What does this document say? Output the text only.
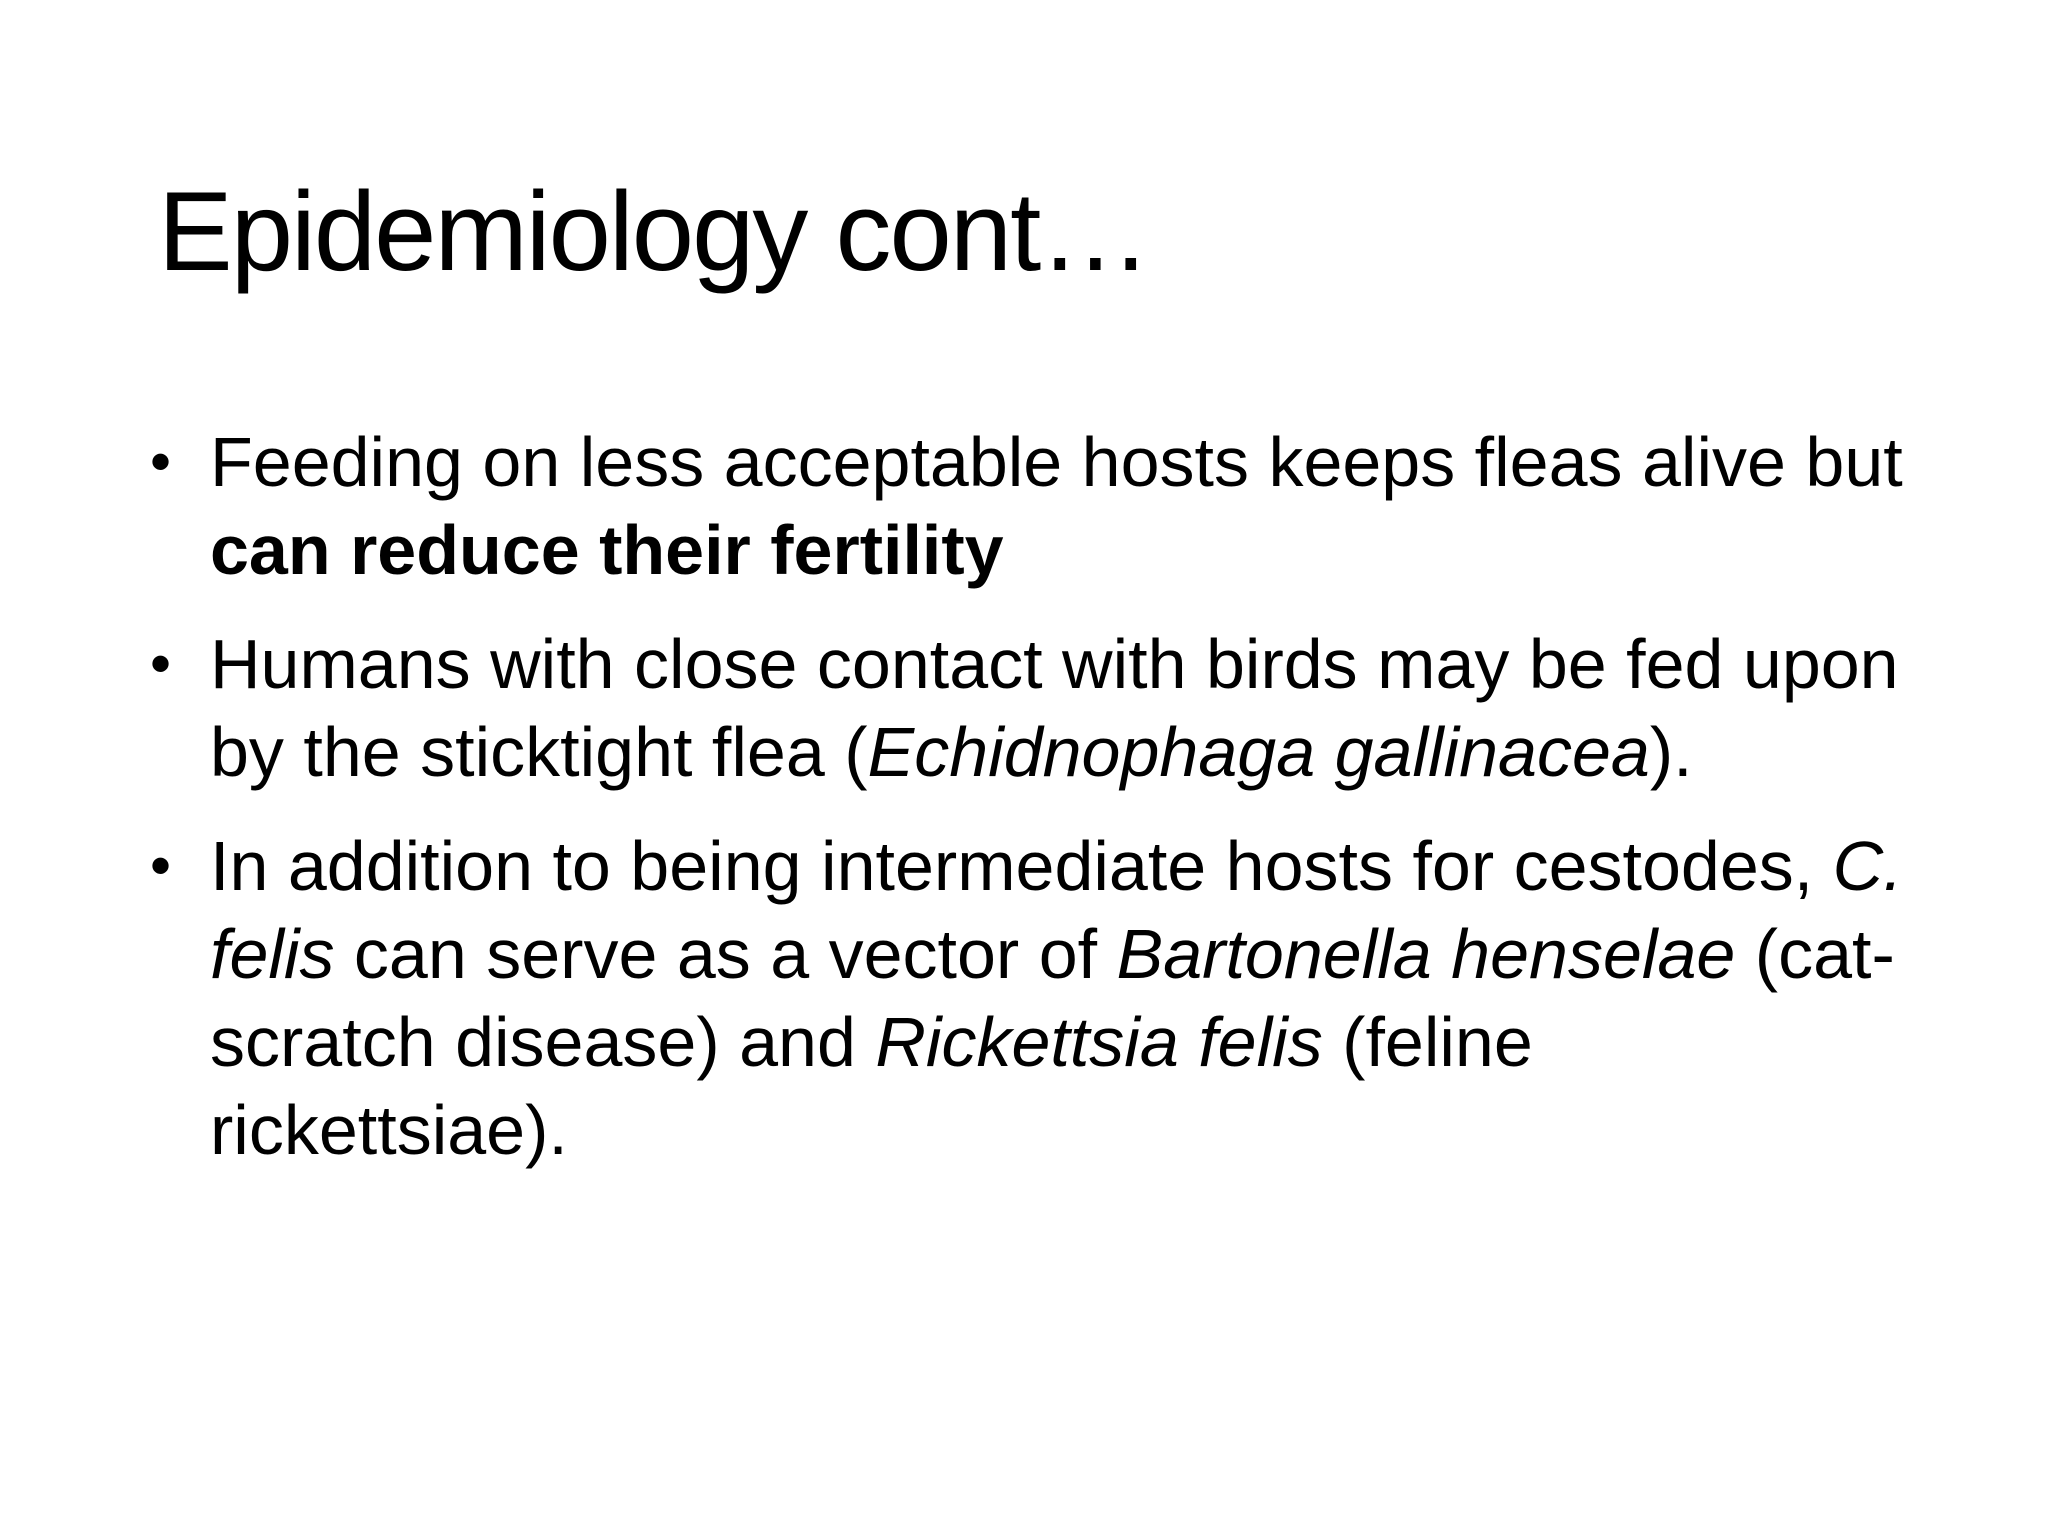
Epidemiology cont…
• Feeding on less acceptable hosts keeps fleas alive but can reduce their fertility
• Humans with close contact with birds may be fed upon by the sticktight flea (Echidnophaga gallinacea).
• In addition to being intermediate hosts for cestodes, C. felis can serve as a vector of Bartonella henselae (cat-scratch disease) and Rickettsia felis (feline rickettsiae).
